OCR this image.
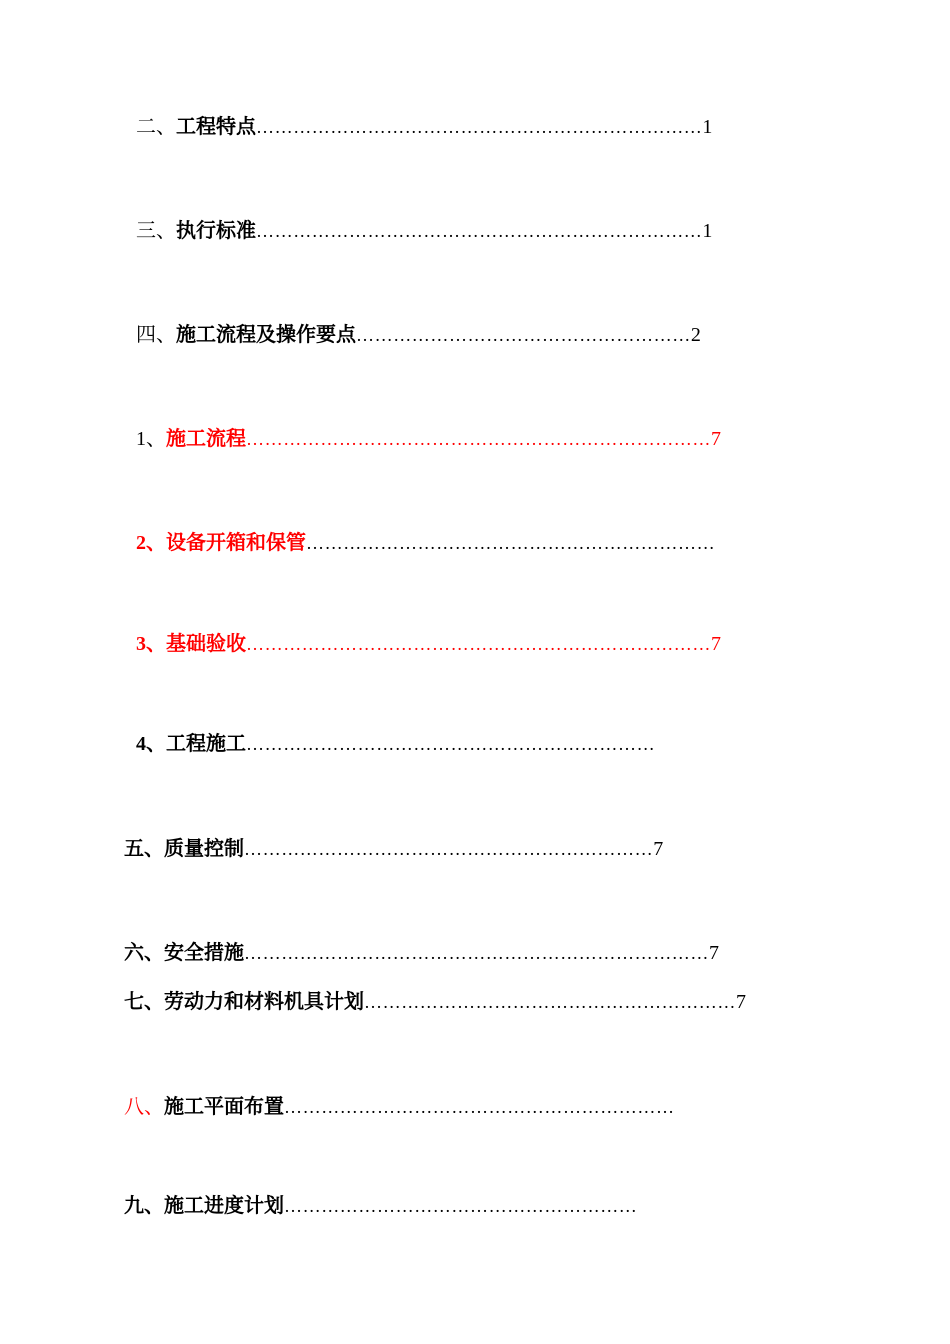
二、工程特点………………………………………………………………1
三、执行标准………………………………………………………………1
四、施工流程及操作要点………………………………………………2
1、施工流程…………………………………………………………………7
2、设备开箱和保管…………………………………………………………
3、基础验收…………………………………………………………………7
4、工程施工…………………………………………………………
五、质量控制…………………………………………………………7
六、安全措施…………………………………………………………………7
七、劳动力和材料机具计划……………………………………………………7
八、施工平面布置………………………………………………………
九、施工进度计划…………………………………………………
